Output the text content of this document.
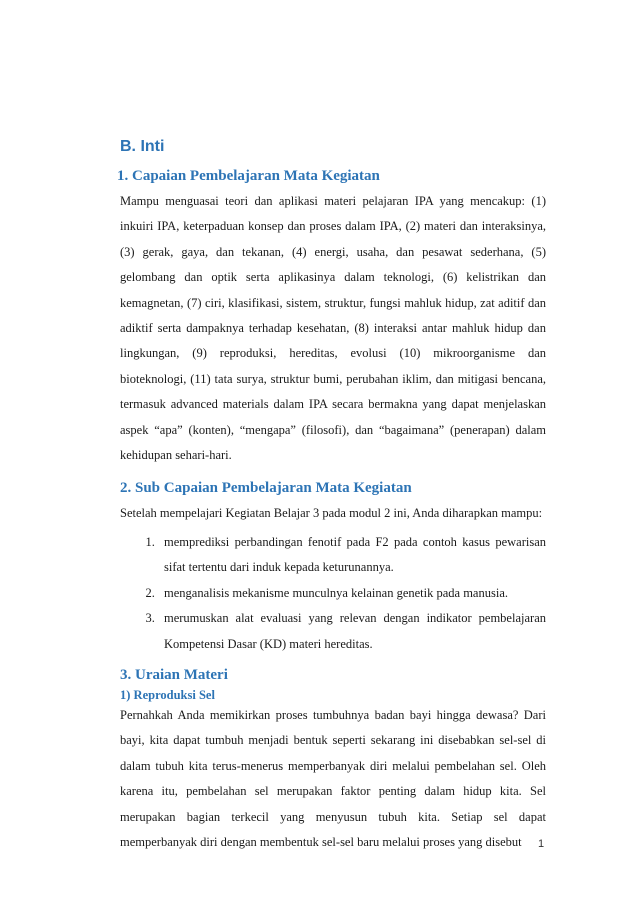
B. Inti
1. Capaian Pembelajaran Mata Kegiatan

Mampu menguasai teori dan aplikasi materi pelajaran IPA yang mencakup: (1) inkuiri IPA, keterpaduan konsep dan proses dalam IPA, (2) materi dan interaksinya, (3) gerak, gaya, dan tekanan, (4) energi, usaha, dan pesawat sederhana, (5) gelombang dan optik serta aplikasinya dalam teknologi, (6) kelistrikan dan kemagnetan, (7) ciri, klasifikasi, sistem, struktur, fungsi mahluk hidup, zat aditif dan adiktif serta dampaknya terhadap kesehatan, (8) interaksi antar mahluk hidup dan lingkungan, (9) reproduksi, hereditas, evolusi (10) mikroorganisme dan bioteknologi, (11) tata surya, struktur bumi, perubahan iklim, dan mitigasi bencana, termasuk advanced materials dalam IPA secara bermakna yang dapat menjelaskan aspek “apa” (konten), “mengapa” (filosofi), dan “bagaimana” (penerapan) dalam kehidupan sehari-hari.

2. Sub Capaian Pembelajaran Mata Kegiatan

Setelah mempelajari Kegiatan Belajar 3 pada modul 2 ini, Anda diharapkan mampu:

1. memprediksi perbandingan fenotif pada F2 pada contoh kasus pewarisan sifat tertentu dari induk kepada keturunannya.
2. menganalisis mekanisme munculnya kelainan genetik pada manusia.
3. merumuskan alat evaluasi yang relevan dengan indikator pembelajaran Kompetensi Dasar (KD) materi hereditas.
3. Uraian Materi
1) Reproduksi Sel

Pernahkah Anda memikirkan proses tumbuhnya badan bayi hingga dewasa? Dari bayi, kita dapat tumbuh menjadi bentuk seperti sekarang ini disebabkan sel-sel di dalam tubuh kita terus-menerus memperbanyak diri melalui pembelahan sel. Oleh karena itu, pembelahan sel merupakan faktor penting dalam hidup kita. Sel merupakan bagian terkecil yang menyusun tubuh kita. Setiap sel dapat memperbanyak diri dengan membentuk sel-sel baru melalui proses yang disebut	1
